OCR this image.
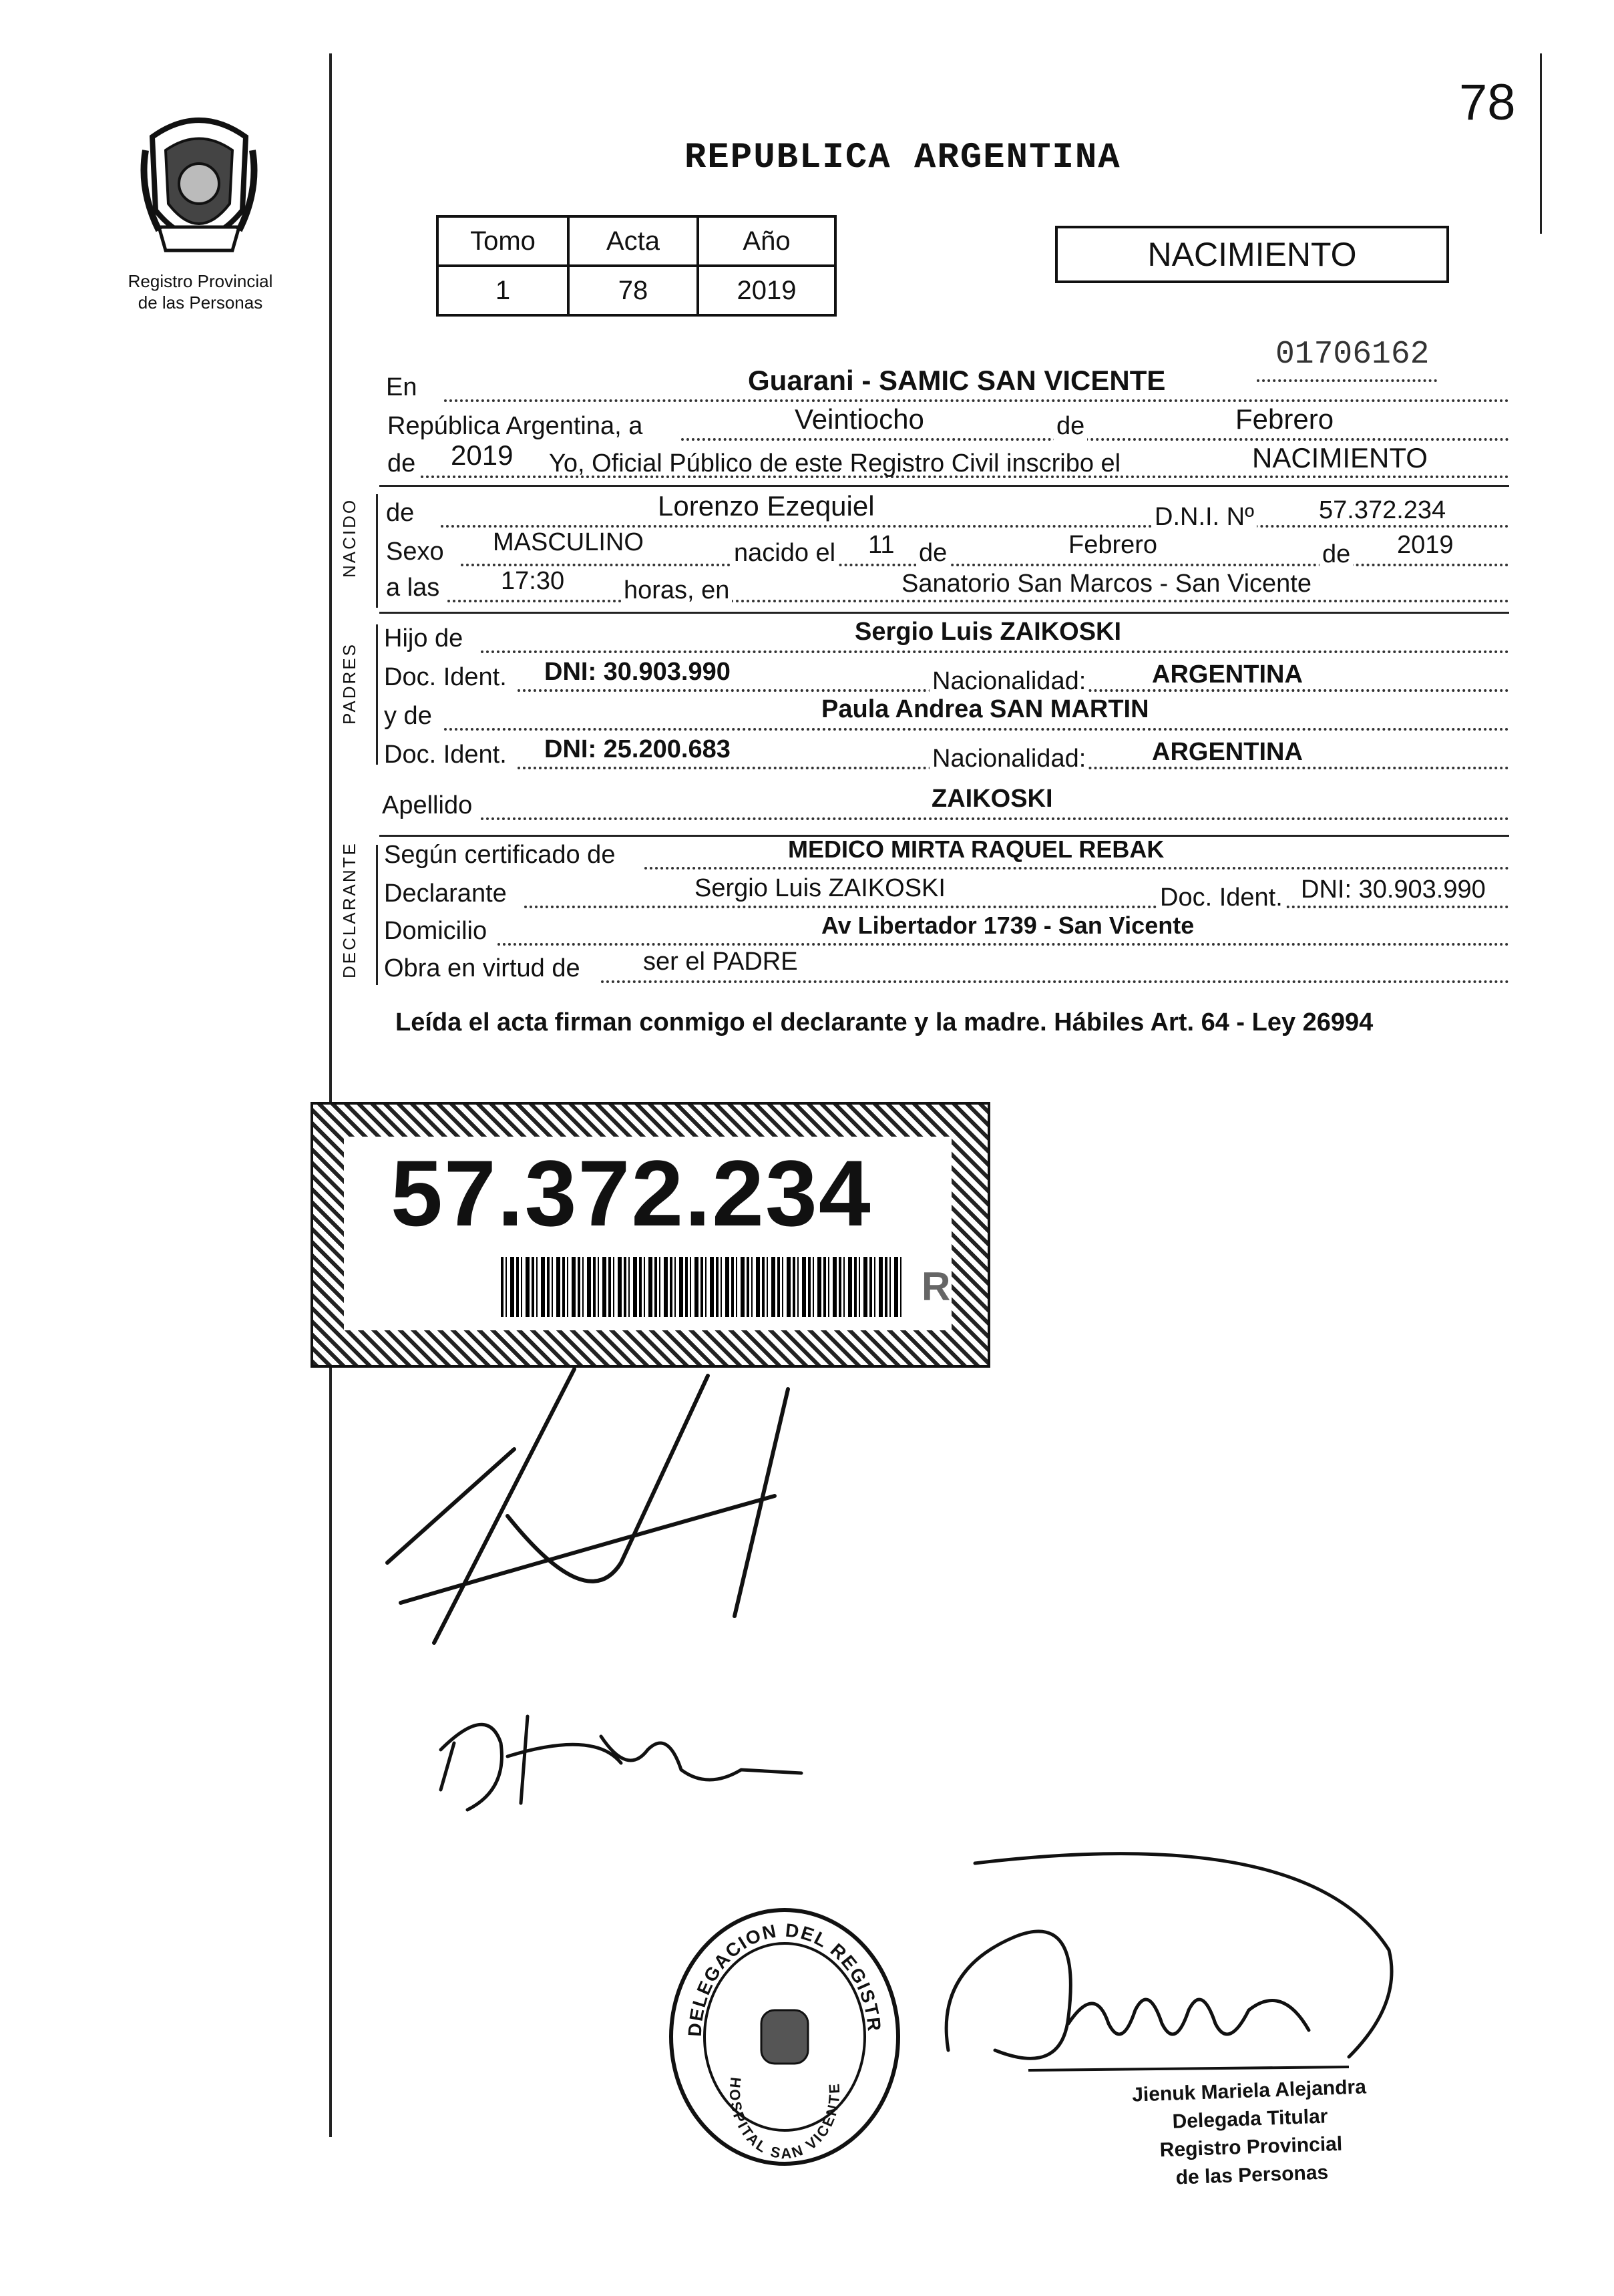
78
Registro Provincial
de las Personas
REPUBLICA ARGENTINA
Tomo	Acta	Año
1	78	2019
NACIMIENTO
01706162
En	Guarani - SAMIC SAN VICENTE
República Argentina, a	Veintiocho	de	Febrero
de 2019 Yo, Oficial Público de este Registro Civil inscribo el	NACIMIENTO
NACIDO de	Lorenzo Ezequiel	D.N.I. Nº	57.372.234
Sexo MASCULINO	nacido el 11 de	Febrero	de 2019
a las 17:30 horas, en	Sanatorio San Marcos - San Vicente
PADRES
Hijo de	Sergio Luis ZAIKOSKI
Doc. Ident. DNI: 30.903.990	Nacionalidad:	ARGENTINA
y de	Paula Andrea SAN MARTIN
Doc. Ident. DNI: 25.200.683	Nacionalidad:	ARGENTINA
Apellido	ZAIKOSKI
DECLARANTE Según certificado de	MEDICO MIRTA RAQUEL REBAK
Declarante	Sergio Luis ZAIKOSKI	Doc. Ident. DNI: 30.903.990
Domicilio	Av Libertador 1739 - San Vicente
Obra en virtud de ser el PADRE
Leída el acta firman conmigo el declarante y la madre. Hábiles Art. 64 - Ley 26994
57.372.234
R
DELEGACION DEL REGISTR
HOSPITAL SAN VICENTE	Jienuk Mariela Alejandra
Delegada Titular
Registro Provincial
de las Personas
